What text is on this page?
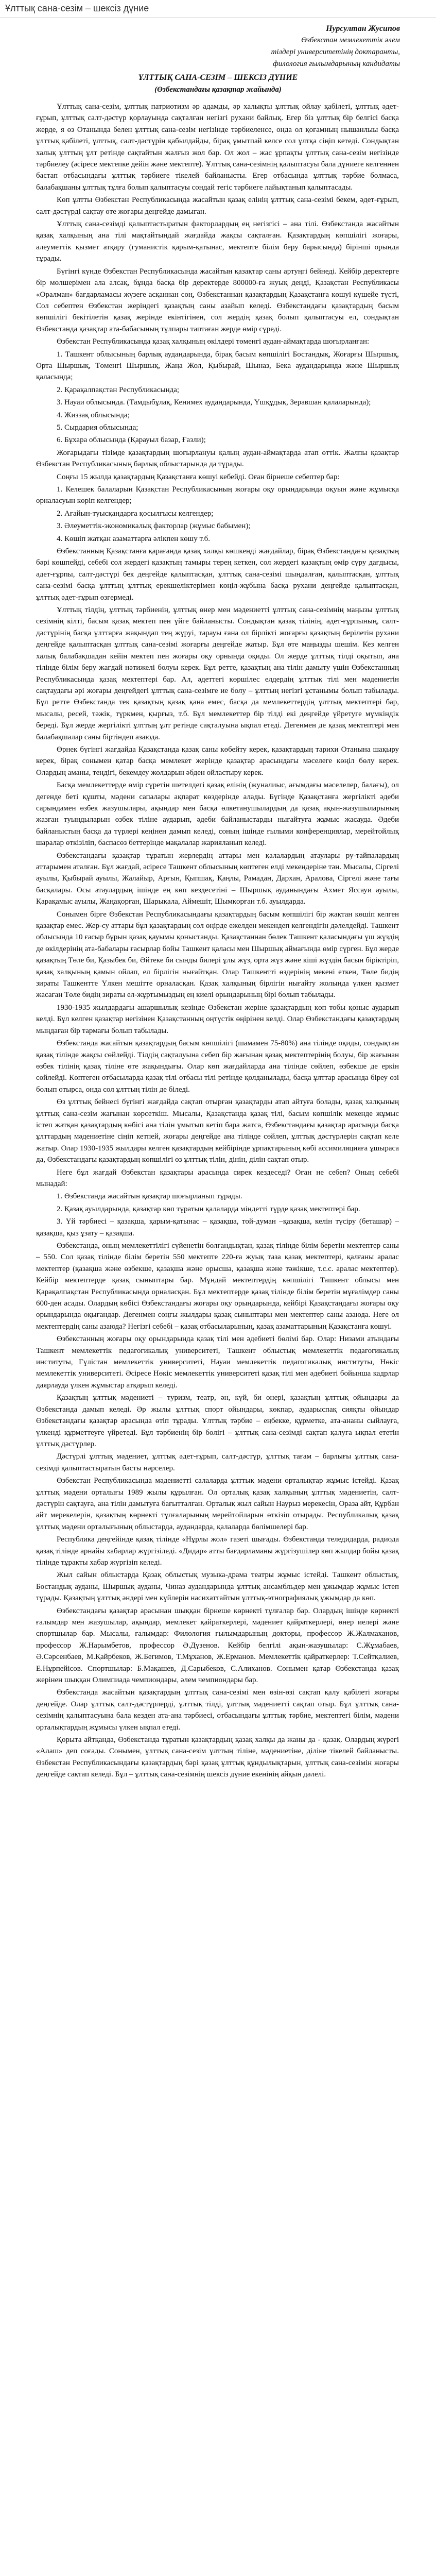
Ұлттық сана-сезім – шексіз дүние
Нурсултан Жусипов
Өзбекстан мемлекеттік әлем
тілдері университетінің доктаранты,
филология ғылымдарының кандидаты
ҰЛТТЫҚ САНА-СЕЗІМ – ШЕКСІЗ ДҮНИЕ
(Өзбекстандағы қазақтар жайында)

Ұлттық сана-сезім, ұлттық патриотизм әр адамды, әр халықты ұлттық ойлау қабілеті, ұлттық әдет-ғұрып, ұлттық салт-дәстүр қорлауында сақталған негізгі рухани байлық. Егер біз ұлттық бір белгісі басқа жерде, я өз Отанында белен ұлттық сана-сезім негізінде тәрбиеленсе, онда ол қоғамның нышанлыы басқа ұлттық қабілеті, ұлттық, салт-дәстүрін қабылдайды, бірақ ұмытпай келсе сол ұлтқа сіңіп кетеді. Сондықтан халық ұлттың ұлт ретінде сақтайтын жалғыз жол бар. Ол жол – жас ұрпақты ұлттық сана-сезім негізінде тәрбиелеу (әсіресе мектепке дейін және мектепте). Ұлттық сана-сезімнің қалыптасуы бала дүниеге келгеннен бастап отбасындағы ұлттық тәрбиеге тікелей байланысты. Егер отбасында ұлттық тәрбие болмаса, балабақшаны ұлттық тұлға болып қалыптасуы сондай тегіс тәрбиеге лайықтанып қалыптасады.

Көп ұлтты Өзбекстан Республикасында жасайтын қазақ елінің ұлттық сана-сезімі бекем, әдет-ғұрып, салт-дәстүрді сақтау өте жоғары деңгейде дамыған.

Ұлттық сана-сезімді қалыптастыратын факторлардың ең негізгісі – ана тілі. Өзбекстанда жасайтын қазақ халқының ана тілі мақтайтындай жағдайда жақсы сақталған. Қазақтардың көпшілігі жоғары, алеуметтік қызмет атқару (гуманистік қарым-қатынас, мектепте білім беру барысында) бірінші орында тұрады.

Бүгінгі күнде Өзбекстан Республикасында жасайтын қазақтар саны артуңгі бейнеді. Кейбір деректерге бір мөлшерімен ала алсақ, бұнда басқа бір деректерде 800000-ға жуық деңді, Қазақстан Республикасы «Оралман» бағдарламасы жүзеге асқаннан соң, Өзбекстаннан қазақтардың Қазақстанға көшуі күшейе түсті, Сол себептен Өзбекстан жеріндегі қазақтың саны азайып келеді. Өзбекстандағы қазақтардың басым көпшілігі бекітілетін қазақ жерінде екінтігінен, сол жердің қазақ болып қалыптасуы ел, сондықтан Өзбекстанда қазақтар ата-бабасының тұлпары таптаған жерде өмір сүреді.

Өзбекстан Республикасында қазақ халқының өкілдері төменгі аудан-аймақтарда шоғырланған:

1. Ташкент облысының барлық аудандарында, бірақ басым көпшілігі Бостандық, Жоғарғы Шыршық, Орта Шыршық, Төменгі Шыршық, Жаңа Жол, Қыбырай, Шыназ, Бекa аудандарында және Шыршық қаласында;

2. Қарақалпақстан Республикасында;

3. Науаи облысында. (Тамдыбұлақ, Кенимех аудандарында, Үшқұдық, Зеравшан қалаларында);

4. Жиззақ облысында;

5. Сырдария облысында;

6. Бұхара облысында (Қарауыл базар, Ғазли);

Жоғарыдағы тізімде қазақтардың шоғырлануы қалың аудан-аймақтарда атап өттік. Жалпы қазақтар Өзбекстан Республикасының барлық облыстарында да тұрады.

Соңғы 15 жылда қазақтардың Қазақстанға көшуі кебейді. Оған бірнеше себептер бар:

1. Келешек балаларын Қазақстан Республикасының жоғары оқу орындарында оқуын және жұмысқа орналасуын көріп келгендер;

2. Ағайын-туысқандарға қосылғысы келгендер;

3. Әлеуметтік-экономикалық факторлар (жұмыс бабымен);

4. Көшіп жатқан азаматтарға әлікпен көшу т.б.

Өзбекстанның Қазақстанға қарағанда қазақ халқы көшкенді жағдайлар, бірақ Өзбекстандағы қазақтың бәрі көшпейді, себебі сол жердегі қазақтың тамыры терең кеткен, сол жердегі қазақтың өмір сүру дағдысы, әдет-ғұрпы, салт-дәстүрі бек деңгейде қалыптасқан, ұлттық сана-сезімі шыңдалған, қалыптасқан, ұлттық сана-сезімі басқа ұлттың ұлттық ерекшеліктерімен көңіл-жұбына басқа рухани деңгейде қалыптасқан, ұлттық әдет-ғұрып өзгермеді.

Ұлттық тілдің, ұлттық тәрбиенің, ұлттық өнер мен мәдениетті ұлттық сана-сезімнің маңызы ұлттық сезімнің кілті, басым қазақ мектеп пен үйге байланысты. Сондықтан қазақ тілінің, әдет-ғұрпының, салт-дәстүрінің басқа ұлттарға жақындап тең жүруі, тарауы ғана ол бірлікті жоғарғы қазақтың берілетін рухани деңгейде қалыптасқан ұлттық сана-сезімі жоғарғы деңгейде жатыр. Бұл өте маңызды шешім. Кез келген халық балабақшадан кейін мектеп пен жоғары оқу орнында оқиды. Ол жерде ұлттық тілді оқытып, ана тілінде білім беру жағдай нәтижелі болуы керек. Бұл ретте, қазақтың ана тілін дамыту үшін Өзбекстанның Республикасында қазақ мектептері бар. Ал, әдеттегі көршілес елдердің ұлттық тілі мен мәдениетін сақтаудағы әрі жоғары деңгейдегі ұлттық сана-сезімге ие болу – ұлттың негізгі ұстанымы болып табылады. Бұл ретте Өзбекстанда тек қазақтың қазақ қана емес, басқа да мемлекеттердің ұлттық мектептері бар, мысалы, ресей, тәжік, түркмен, қырғыз, т.б. Бұл мемлекеттер бір тілді екі деңгейде үйретуге мүмкіндік береді. Бұл жерде жергілікті ұлттың ұлт ретінде сақталуына ықпал етеді. Дегенмен де қазақ мектептері мен балабақшалар саны біртіндеп азаюда.

Өрнек бүгінгі жағдайда Қазақстанда қазақ саны көбейту керек, қазақтардың тарихи Отанына шақыру керек, бірақ сонымен қатар басқа мемлекет жерінде қазақтар арасындағы мәселеге көңіл бөлу керек. Олардың аманы, теңдігі, бекемдеу жолдарын əбден ойластыру керек.

Басқа мемлекеттерде өмір сүретін шетелдегі қазақ елінің (жуналиыс, ағымдағы мәселелер, балағы), ол дегенде беті құшты, мәдени сапалары ақпарат көздерінде алады. Бүгінде Қазақстанға жергілікті әдеби сарындамен өзбек жазушылары, ақындар мен басқа өлкетанушылардың да қазақ ақын-жазушыларының жазған туындыларын өзбек тіліне аударып, әдеби байланыстарды нығайтуға жұмыс жасауда. Әдеби байланыстың басқа да түрлері кеңінен дамып келеді, соның ішінде ғылыми конференциялар, мерейтойлық шаралар өткізіліп, баспасөз беттерінде мақалалар жарияланып келеді.

Өзбекстандағы қазақтар тұратын жерлердің аттары мен қалалардың атаулары ру-тайпалардың аттарымен аталған. Бұл жағдай, әсіресе Ташкент облысының көптеген елді мекендеріне тән. Мысалы, Сіргелі ауылы, Қыбырай ауылы, Жалайыр, Арғын, Қыпшақ, Қаңлы, Рамадан, Дархан, Аралова, Сіргелі және тағы басқалары. Осы атаулардың ішінде ең көп кездесетіні – Шыршық ауданындағы Ахмет Яссауи ауылы, Қарақамыс ауылы, Жаңақорған, Шарықала, Аймешіт, Шымқорған т.б. ауылдарда.

Сонымен бірге Өзбекстан Республикасындағы қазақтардың басым көпшілігі бір жақтан көшіп келген қазақтар емес. Жер-су аттары бұл қазақтардың сол өңірде ежелден мекендеп келгендігін дәлелдейді. Ташкент облысында 10 ғасыр бұрын қазақ қауымы қоныстанды. Қазақстаннан бөлек Ташкент қаласындағы үш жүздің де өкілдерінің ата-бабалары ғасырлар бойы Ташкент қаласы мен Шыршық аймағында өмір сүрген. Бұл жерде қазақтың Төле би, Қазыбек би, Әйтеке би сынды билері ұлы жүз, орта жүз және кіші жүздің басын біріктіріп, қазақ халқының қамын ойлап, ел бірлігін нығайтқан. Олар Ташкентті өздерінің мекені еткен, Төле бидің зираты Ташкентте Үлкен мешітте орналасқан. Қазақ халқының бірлігін нығайту жолында үлкен қызмет жасаған Төле бидің зираты ел-жұртымыздың ең киелі орындарының бірі болып табылады.

1930-1935 жылдардағы ашаршылық кезінде Өзбекстан жеріне қазақтардың көп тобы қоныс аударып келді. Бұл келген қазақтар негізінен Қазақстанның оңтүстік өңірінен келді. Олар Өзбекстандағы қазақтардың мыңдаған бір тармағы болып табылады.

Өзбекстанда жасайтын қазақтардың басым көпшілігі (шамамен 75-80%) ана тілінде оқиды, сондықтан қазақ тілінде жақсы сөйлейді. Тілдің сақталуына себеп бір жағынан қазақ мектептерінің болуы, бір жағынан өзбек тілінің қазақ тіліне өте жақындығы. Олар көп жағдайларда ана тілінде сөйлеп, өзбекше де еркін сөйлейді. Көптеген отбасыларда қазақ тілі отбасы тілі ретінде қолданылады, басқа ұлттар арасында біреу өзі болып отырса, онда сол ұлттың тілін де біледі.

Өз ұлттық бейнесі бүгінгі жағдайда сақтап отырған қазақтарды атап айтуға болады, қазақ халқының ұлттық сана-сезім жағынан көрсеткіш. Мысалы, Қазақстанда қазақ тілі, басым көпшілік мекенде жұмыс істеп жатқан қазақтардың көбісі ана тілін ұмытып кетіп бара жатса, Өзбекстандағы қазақтар арасында басқа ұлттардың мәдениетіне сіңіп кетпей, жоғары деңгейде ана тілінде сөйлеп, ұлттық дәстүрлерін сақтап келе жатыр. Олар 1930-1935 жылдары келген қазақтардың кейбірінде ұрпақтарының көбі ассимиляцияға ұшыраса да, Өзбекстандағы қазақтардың көпшілігі өз ұлттық тілін, дінін, ділін сақтап отыр.

Неге бұл жағдай Өзбекстан қазақтары арасында сирек кездеседі? Оған не себеп? Оның себебі мынадай:

1. Өзбекстанда жасайтын қазақтар шоғырланып тұрады.

2. Қазақ ауылдарында, қазақтар көп тұратын қалаларда міндетті түрде қазақ мектептері бар.

3. Үй тәрбиесі – қазақша, қарым-қатынас – қазақша, той-думан –қазақша, келін түсіру (беташар) – қазақша, қыз ұзату – қазақша.

Өзбекстанда, оның мемлекеттілігі сүйенетін болғандықтан, қазақ тілінде білім беретін мектептер саны – 550. Сол қазақ тілінде білім беретін 550 мектепте 220-ға жуық таза қазақ мектептері, қалғаны аралас мектептер (қазақша және өзбекше, қазақша және орысша, қазақша және тәжікше, т.с.с. аралас мектептер). Кейбір мектептерде қазақ сыныптары бар. Мұндай мектептердің көпшілігі Ташкент облысы мен Қарақалпақстан Республикасында орналасқан. Бұл мектептерде қазақ тілінде білім беретін мұғалімдер саны 600-ден асады. Олардың көбісі Өзбекстандағы жоғары оқу орындарында, кейбірі Қазақстандағы жоғары оқу орындарында оқығандар. Дегенмен соңғы жылдары қазақ сыныптары мен мектептер саны азаюда. Неге ол мектептердің саны азаюда? Негізгі себебі – қазақ отбасыларының, қазақ азаматтарының Қазақстанға көшуі.

Өзбекстанның жоғары оқу орындарында қазақ тілі мен әдебиеті бөлімі бар. Олар: Низами атындағы Ташкент мемлекеттік педагогикалық университеті, Ташкент облыстық мемлекеттік педагогикалық институты, Гүлістан мемлекеттік университеті, Науаи мемлекеттік педагогикалық институты, Нөкіс мемлекеттік университеті. Әсіресе Нөкіс мемлекеттік университеті қазақ тілі мен әдебиеті бойынша кадрлар даярлауда үлкен жұмыстар атқарып келеді.

Қазақтың ұлттық мәдениеті – туризм, театр, ән, күй, би өнері, қазақтың ұлттық ойындары да Өзбекстанда дамып келеді. Әр жылы ұлттық спорт ойындары, көкпар, аударыспақ сияқты ойындар Өзбекстандағы қазақтар арасында өтіп тұрады. Ұлттық тәрбие – еңбекке, құрметке, ата-ананы сыйлауға, үлкенді құрметтеуге үйретеді. Бұл тәрбиенің бір бөлігі – ұлттық сана-сезімді сақтап қалуға ықпал ететін ұлттық дәстүрлер.

Дәстүрлі ұлттық мәдениет, ұлттық әдет-ғұрып, салт-дәстүр, ұлттық тағам – барлығы ұлттық сана-сезімді қалыптастыратын басты нәрселер.

Өзбекстан Республикасында мәдениетті салаларда ұлттық мәдени орталықтар жұмыс істейді. Қазақ ұлттық мәдени орталығы 1989 жылы құрылған. Ол орталық қазақ халқының ұлттық мәдениетін, салт-дәстүрін сақтауға, ана тілін дамытуға бағытталған. Орталық жыл сайын Наурыз мерекесін, Ораза айт, Құрбан айт мерекелерін, қазақтың көрнекті тұлғаларының мерейтойларын өткізіп отырады. Республикалық қазақ ұлттық мәдени орталығының облыстарда, аудандарда, қалаларда бөлімшелері бар.

Республика деңгейінде қазақ тілінде «Нұрлы жол» газеті шығады. Өзбекстанда теледидарда, радиода қазақ тілінде арнайы хабарлар жүргізіледі. «Дидар» атты бағдарламаны жүргізушілер көп жылдар бойы қазақ тілінде тұрақты хабар жүргізіп келеді.

Жыл сайын облыстарда Қазақ облыстық музыка-драма театры жұмыс істейді. Ташкент облыстық, Бостандық ауданы, Шыршық ауданы, Чиназ аудандарында ұлттық ансамбльдер мен ұжымдар жұмыс істеп тұрады. Қазақтың ұлттық әндері мен күйлерін насихаттайтын ұлттық-этнографиялық ұжымдар да көп.

Өзбекстандағы қазақтар арасынан шыққан бірнеше көрнекті тұлғалар бар. Олардың ішінде көрнекті ғалымдар мен жазушылар, ақындар, мемлекет қайраткерлері, мәдениет қайраткерлері, өнер иелері және спортшылар бар. Мысалы, ғалымдар: Филология ғылымдарының докторы, профессор Ж.Жалмаханов, профессор Ж.Нарымбетов, профессор Ә.Дүзенов. Кейбір белгілі ақын-жазушылар: С.Жұмабаев, Ә.Сәрсенбаев, М.Қайрбеков, Ж.Бегимов, Т.Мұханов, Ж.Ерманов. Мемлекеттік қайраткерлер: Т.Сейтқалиев, Е.Нұрпейісов. Спортшылар: Б.Мақашев, Д.Сарыбеков, С.Алиханов. Сонымен қатар Өзбекстанда қазақ жерінен шыққан Олимпиада чемпиондары, әлем чемпиондары бар.

Өзбекстанда жасайтын қазақтардың ұлттық сана-сезімі мен өзін-өзі сақтап қалу қабілеті жоғары деңгейде. Олар ұлттық салт-дәстүрлерді, ұлттық тілді, ұлттық мәдениетті сақтап отыр. Бұл ұлттық сана-сезімнің қалыптасуына бала кезден ата-ана тәрбиесі, отбасындағы ұлттық тәрбие, мектептегі білім, мәдени орталықтардың жұмысы үлкен ықпал етеді.

Қорыта айтқанда, Өзбекстанда тұратын қазақтардың қазақ халқы да жаны да - қазақ. Олардың жүрегі «Алаш» деп соғады. Сонымен, ұлттық сана-сезім ұлттың тіліне, мәдениетіне, діліне тікелей байланысты. Өзбекстан Республикасындағы қазақтардың бәрі қазақ ұлттық құндылықтарын, ұлттық сана-сезімін жоғары деңгейде сақтап келеді. Бұл – ұлттық сана-сезімнің шексіз дүние екенінің айқын дәлелі.
